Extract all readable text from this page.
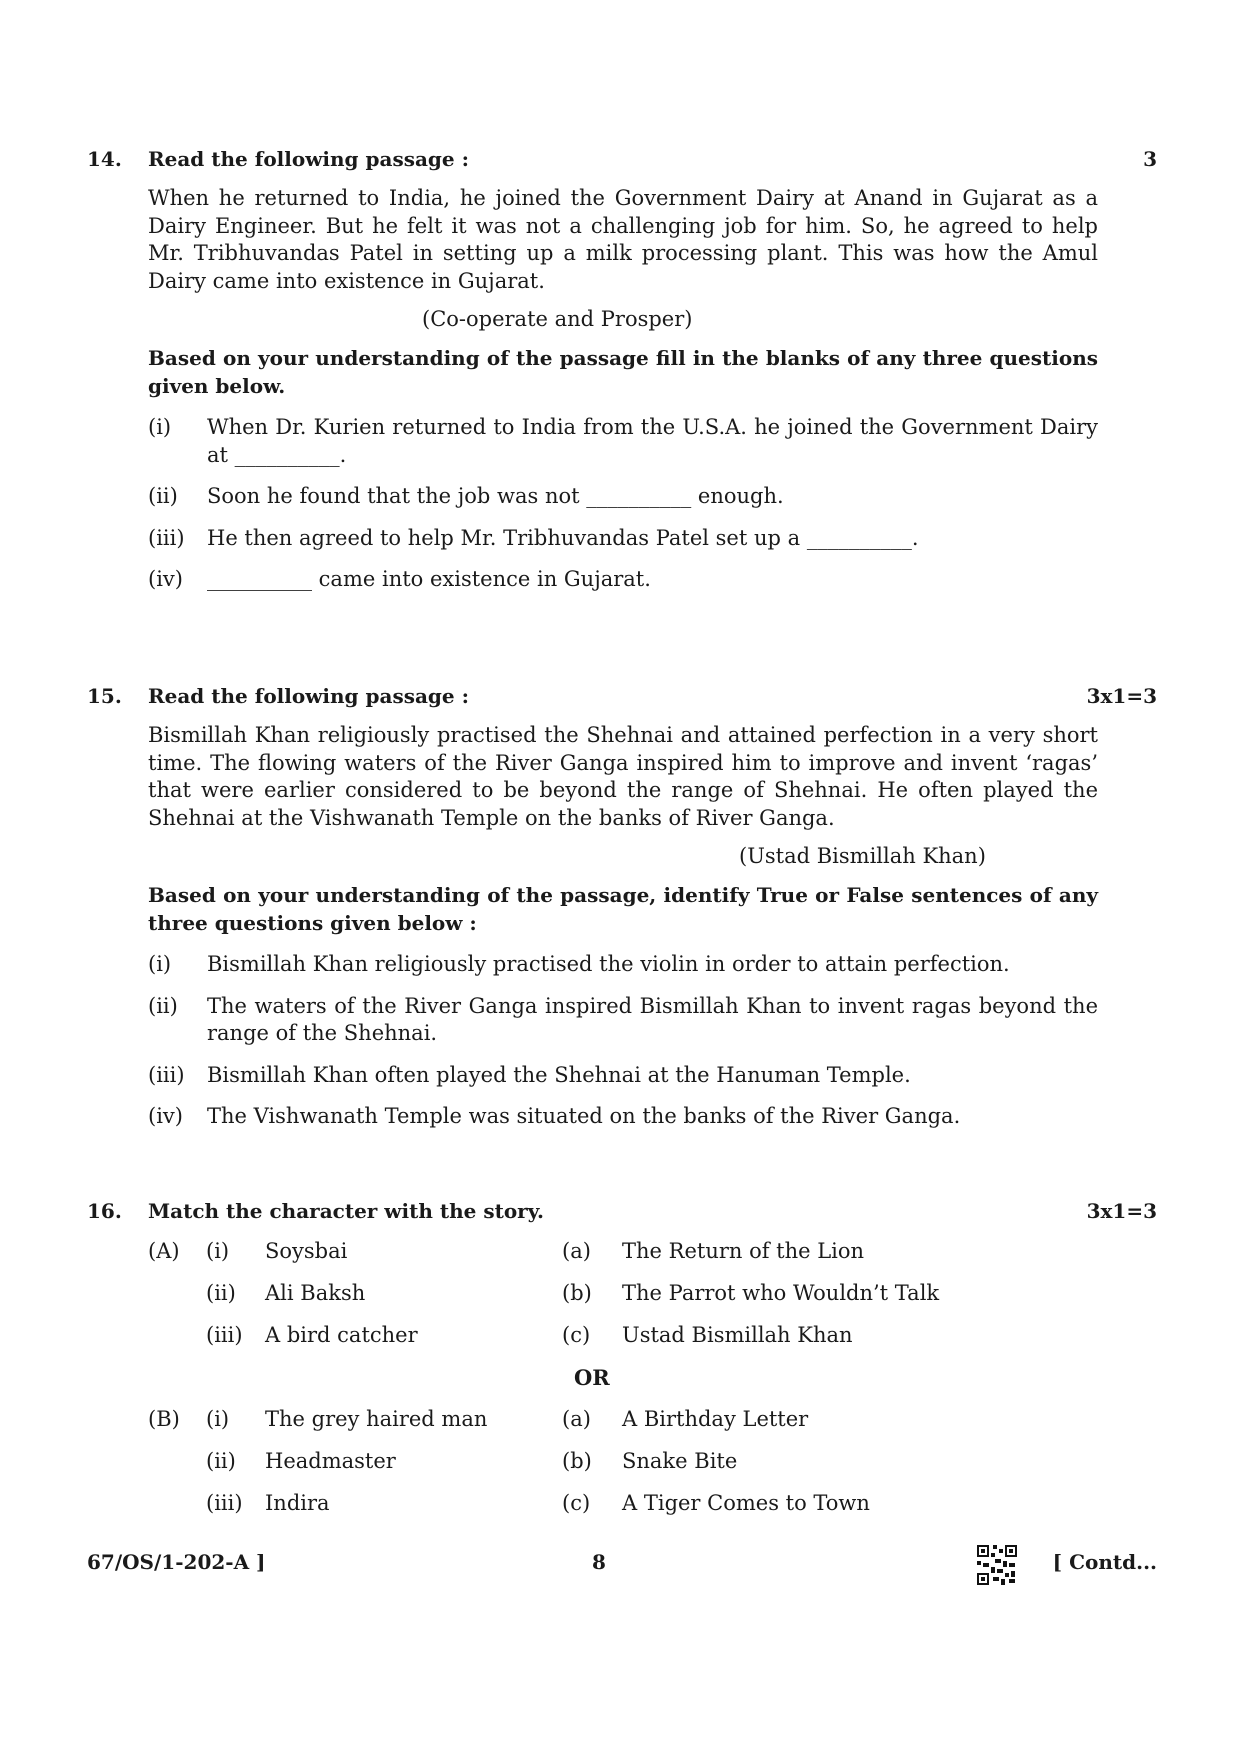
14. Read the following passage :	3
When he returned to India, he joined the Government Dairy at Anand in Gujarat as a Dairy Engineer. But he felt it was not a challenging job for him. So, he agreed to help Mr. Tribhuvandas Patel in setting up a milk processing plant. This was how the Amul Dairy came into existence in Gujarat.
(Co-operate and Prosper)
Based on your understanding of the passage fill in the blanks of any three questions given below.
(i) When Dr. Kurien returned to India from the U.S.A. he joined the Government Dairy at __________.
(ii) Soon he found that the job was not __________ enough.
(iii) He then agreed to help Mr. Tribhuvandas Patel set up a __________.
(iv) __________ came into existence in Gujarat.
15. Read the following passage :	3x1=3
Bismillah Khan religiously practised the Shehnai and attained perfection in a very short time. The flowing waters of the River Ganga inspired him to improve and invent ‘ragas’ that were earlier considered to be beyond the range of Shehnai. He often played the Shehnai at the Vishwanath Temple on the banks of River Ganga.
(Ustad Bismillah Khan)
Based on your understanding of the passage, identify True or False sentences of any three questions given below :
(i) Bismillah Khan religiously practised the violin in order to attain perfection.
(ii) The waters of the River Ganga inspired Bismillah Khan to invent ragas beyond the range of the Shehnai.
(iii) Bismillah Khan often played the Shehnai at the Hanuman Temple.
(iv) The Vishwanath Temple was situated on the banks of the River Ganga.
16. Match the character with the story.	3x1=3
(A) (i) Soysbai	(a) The Return of the Lion
(ii) Ali Baksh	(b) The Parrot who Wouldn’t Talk
(iii) A bird catcher	(c) Ustad Bismillah Khan
OR
(B) (i) The grey haired man	(a) A Birthday Letter
(ii) Headmaster	(b) Snake Bite
(iii) Indira	(c) A Tiger Comes to Town
67/OS/1-202-A ]	8	[ Contd...
